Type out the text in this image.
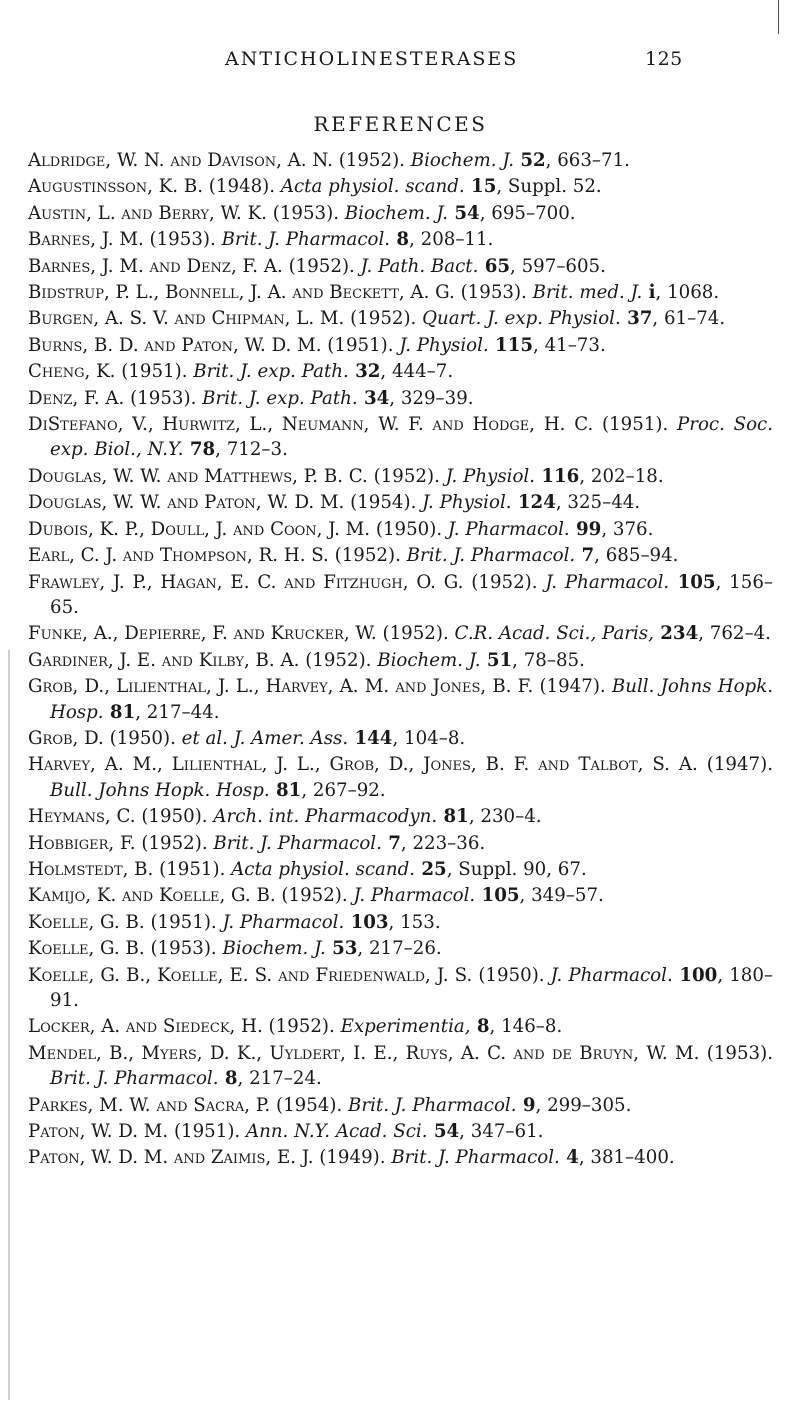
ANTICHOLINESTERASES	125
REFERENCES

Aldridge, W. N. and Davison, A. N. (1952). Biochem. J. 52, 663–71.

Augustinsson, K. B. (1948). Acta physiol. scand. 15, Suppl. 52.

Austin, L. and Berry, W. K. (1953). Biochem. J. 54, 695–700.

Barnes, J. M. (1953). Brit. J. Pharmacol. 8, 208–11.

Barnes, J. M. and Denz, F. A. (1952). J. Path. Bact. 65, 597–605.

Bidstrup, P. L., Bonnell, J. A. and Beckett, A. G. (1953). Brit. med. J. i, 1068.

Burgen, A. S. V. and Chipman, L. M. (1952). Quart. J. exp. Physiol. 37, 61–74.

Burns, B. D. and Paton, W. D. M. (1951). J. Physiol. 115, 41–73.

Cheng, K. (1951). Brit. J. exp. Path. 32, 444–7.

Denz, F. A. (1953). Brit. J. exp. Path. 34, 329–39.

DiStefano, V., Hurwitz, L., Neumann, W. F. and Hodge, H. C. (1951). Proc. Soc. exp. Biol., N.Y. 78, 712–3.

Douglas, W. W. and Matthews, P. B. C. (1952). J. Physiol. 116, 202–18.

Douglas, W. W. and Paton, W. D. M. (1954). J. Physiol. 124, 325–44.

Dubois, K. P., Doull, J. and Coon, J. M. (1950). J. Pharmacol. 99, 376.

Earl, C. J. and Thompson, R. H. S. (1952). Brit. J. Pharmacol. 7, 685–94.

Frawley, J. P., Hagan, E. C. and Fitzhugh, O. G. (1952). J. Pharmacol. 105, 156–65.

Funke, A., Depierre, F. and Krucker, W. (1952). C.R. Acad. Sci., Paris, 234, 762–4.

Gardiner, J. E. and Kilby, B. A. (1952). Biochem. J. 51, 78–85.

Grob, D., Lilienthal, J. L., Harvey, A. M. and Jones, B. F. (1947). Bull. Johns Hopk. Hosp. 81, 217–44.

Grob, D. (1950). et al. J. Amer. Ass. 144, 104–8.

Harvey, A. M., Lilienthal, J. L., Grob, D., Jones, B. F. and Talbot, S. A. (1947). Bull. Johns Hopk. Hosp. 81, 267–92.

Heymans, C. (1950). Arch. int. Pharmacodyn. 81, 230–4.

Hobbiger, F. (1952). Brit. J. Pharmacol. 7, 223–36.

Holmstedt, B. (1951). Acta physiol. scand. 25, Suppl. 90, 67.

Kamijo, K. and Koelle, G. B. (1952). J. Pharmacol. 105, 349–57.

Koelle, G. B. (1951). J. Pharmacol. 103, 153.

Koelle, G. B. (1953). Biochem. J. 53, 217–26.

Koelle, G. B., Koelle, E. S. and Friedenwald, J. S. (1950). J. Pharmacol. 100, 180–91.

Locker, A. and Siedeck, H. (1952). Experimentia, 8, 146–8.

Mendel, B., Myers, D. K., Uyldert, I. E., Ruys, A. C. and de Bruyn, W. M. (1953). Brit. J. Pharmacol. 8, 217–24.

Parkes, M. W. and Sacra, P. (1954). Brit. J. Pharmacol. 9, 299–305.

Paton, W. D. M. (1951). Ann. N.Y. Acad. Sci. 54, 347–61.

Paton, W. D. M. and Zaimis, E. J. (1949). Brit. J. Pharmacol. 4, 381–400.
